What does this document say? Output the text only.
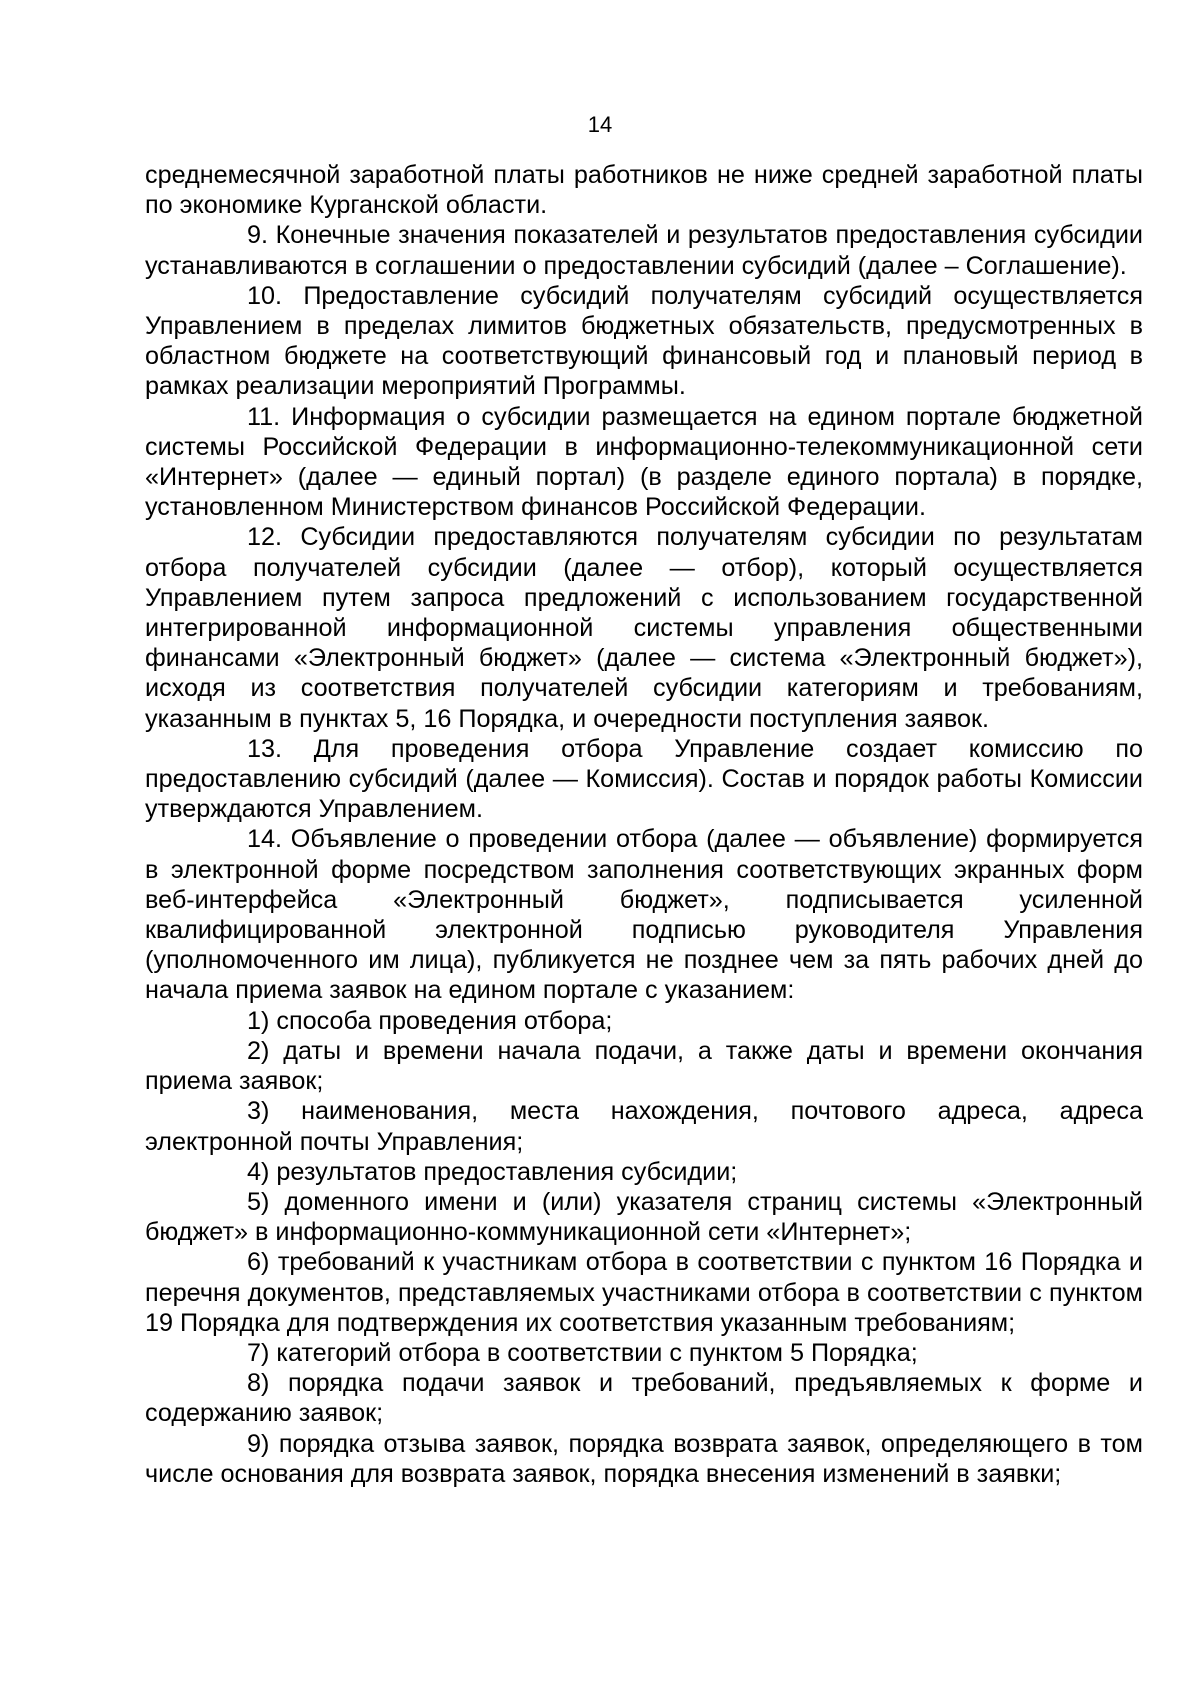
14

среднемесячной заработной платы работников не ниже средней заработной платы по экономике Курганской области.

9. Конечные значения показателей и результатов предоставления субсидии устанавливаются в соглашении о предоставлении субсидий (далее – Соглашение).

10. Предоставление субсидий получателям субсидий осуществляется Управлением в пределах лимитов бюджетных обязательств, предусмотренных в областном бюджете на соответствующий финансовый год и плановый период в рамках реализации мероприятий Программы.

11. Информация о субсидии размещается на едином портале бюджетной системы Российской Федерации в информационно-телекоммуникационной сети «Интернет» (далее — единый портал) (в разделе единого портала) в порядке, установленном Министерством финансов Российской Федерации.

12. Субсидии предоставляются получателям субсидии по результатам отбора получателей субсидии (далее — отбор), который осуществляется Управлением путем запроса предложений с использованием государственной интегрированной информационной системы управления общественными финансами «Электронный бюджет» (далее — система «Электронный бюджет»), исходя из соответствия получателей субсидии категориям и требованиям, указанным в пунктах 5, 16 Порядка, и очередности поступления заявок.

13. Для проведения отбора Управление создает комиссию по предоставлению субсидий (далее — Комиссия). Состав и порядок работы Комиссии утверждаются Управлением.

14. Объявление о проведении отбора (далее — объявление) формируется в электронной форме посредством заполнения соответствующих экранных форм веб-интерфейса «Электронный бюджет», подписывается усиленной квалифицированной электронной подписью руководителя Управления (уполномоченного им лица), публикуется не позднее чем за пять рабочих дней до начала приема заявок на едином портале с указанием:

1) способа проведения отбора;

2) даты и времени начала подачи, а также даты и времени окончания приема заявок;

3) наименования, места нахождения, почтового адреса, адреса электронной почты Управления;

4) результатов предоставления субсидии;

5) доменного имени и (или) указателя страниц системы «Электронный бюджет» в информационно-коммуникационной сети «Интернет»;

6) требований к участникам отбора в соответствии с пунктом 16 Порядка и перечня документов, представляемых участниками отбора в соответствии с пунктом 19 Порядка для подтверждения их соответствия указанным требованиям;

7) категорий отбора в соответствии с пунктом 5 Порядка;

8) порядка подачи заявок и требований, предъявляемых к форме и содержанию заявок;

9) порядка отзыва заявок, порядка возврата заявок, определяющего в том числе основания для возврата заявок, порядка внесения изменений в заявки;
